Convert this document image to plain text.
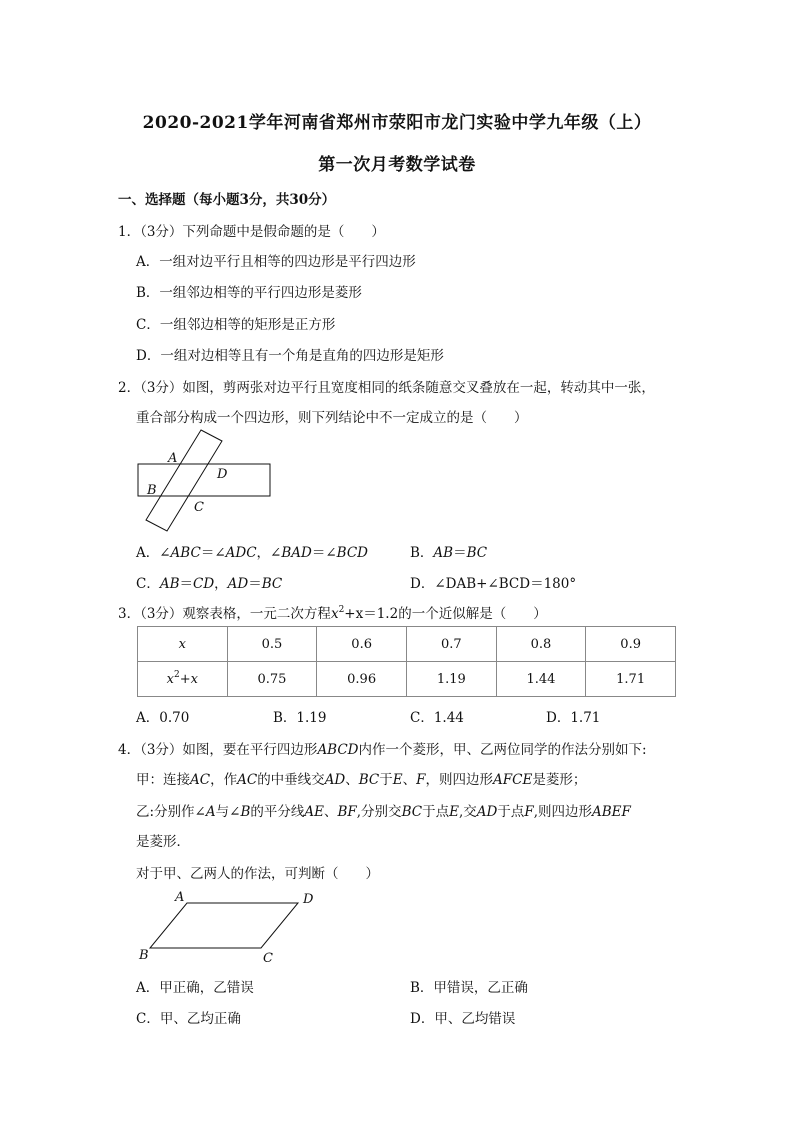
2020-2021学年河南省郑州市荥阳市龙门实验中学九年级（上）
第一次月考数学试卷
一、选择题（每小题3分，共30分）
1．（3分）下列命题中是假命题的是（　　）
A．一组对边平行且相等的四边形是平行四边形
B．一组邻边相等的平行四边形是菱形
C．一组邻边相等的矩形是正方形
D．一组对边相等且有一个角是直角的四边形是矩形
2．（3分）如图，剪两张对边平行且宽度相同的纸条随意交叉叠放在一起，转动其中一张，
重合部分构成一个四边形，则下列结论中不一定成立的是（　　）
A
D
B
C
A．∠ABC＝∠ADC，∠BAD＝∠BCD	B．AB＝BC
C．AB＝CD，AD＝BC	D．∠DAB+∠BCD＝180°
3．（3分）观察表格，一元二次方程$x^2+x=1.2$的一个近似解是（　　）
x	0.5	0.6	0.7	0.8	0.9
$x^2+x$	0.75	0.96	1.19	1.44	1.71
A．0.70	B．1.19	C．1.44	D．1.71
4．（3分）如图，要在平行四边形ABCD内作一个菱形，甲、乙两位同学的作法分别如下:
甲：连接AC，作AC的中垂线交AD、BC于E、F，则四边形AFCE是菱形；
乙:分别作∠A与∠B的平分线AE、BF,分别交BC于点E,交AD于点F,则四边形ABEF
是菱形．
对于甲、乙两人的作法，可判断（　　）
A	D
B	C
A．甲正确，乙错误	B．甲错误，乙正确
C．甲、乙均正确	D．甲、乙均错误
